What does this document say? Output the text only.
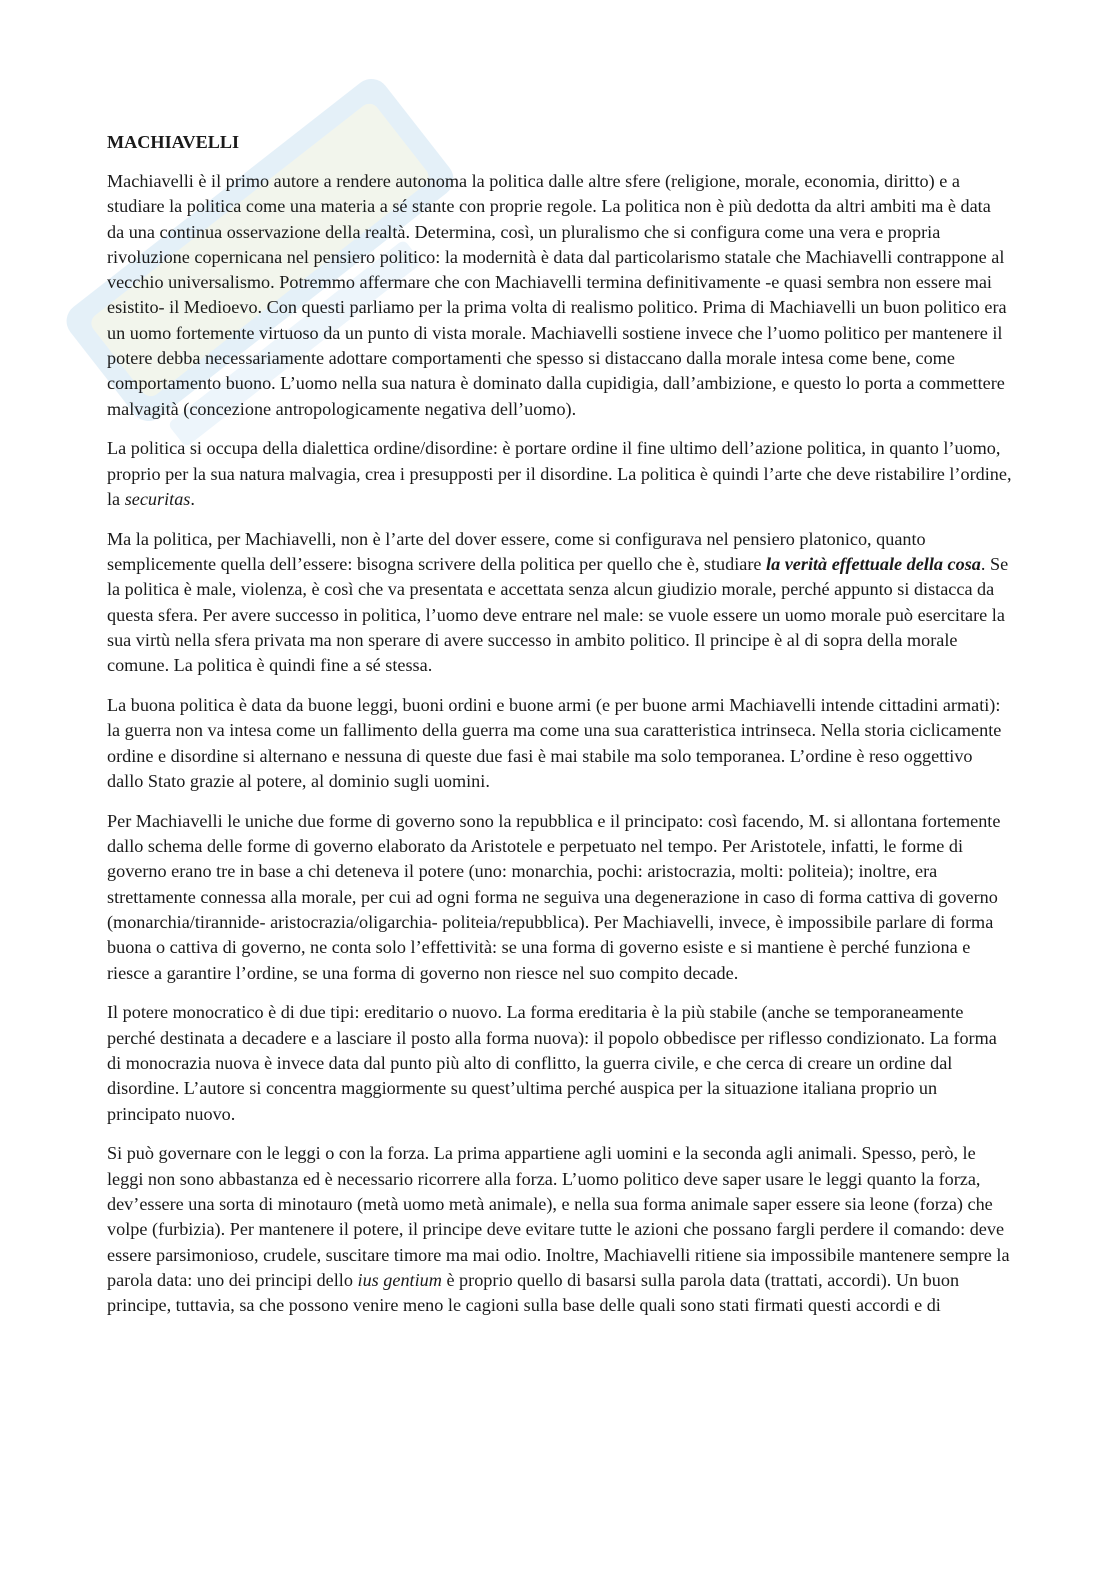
MACHIAVELLI

Machiavelli è il primo autore a rendere autonoma la politica dalle altre sfere (religione, morale, economia, diritto) e a studiare la politica come una materia a sé stante con proprie regole. La politica non è più dedotta da altri ambiti ma è data da una continua osservazione della realtà. Determina, così, un pluralismo che si configura come una vera e propria rivoluzione copernicana nel pensiero politico: la modernità è data dal particolarismo statale che Machiavelli contrappone al vecchio universalismo. Potremmo affermare che con Machiavelli termina definitivamente -e quasi sembra non essere mai esistito- il Medioevo. Con questi parliamo per la prima volta di realismo politico. Prima di Machiavelli un buon politico era un uomo fortemente virtuoso da un punto di vista morale. Machiavelli sostiene invece che l’uomo politico per mantenere il potere debba necessariamente adottare comportamenti che spesso si distaccano dalla morale intesa come bene, come comportamento buono. L’uomo nella sua natura è dominato dalla cupidigia, dall’ambizione, e questo lo porta a commettere malvagità (concezione antropologicamente negativa dell’uomo).

La politica si occupa della dialettica ordine/disordine: è portare ordine il fine ultimo dell’azione politica, in quanto l’uomo, proprio per la sua natura malvagia, crea i presupposti per il disordine. La politica è quindi l’arte che deve ristabilire l’ordine, la securitas.

Ma la politica, per Machiavelli, non è l’arte del dover essere, come si configurava nel pensiero platonico, quanto semplicemente quella dell’essere: bisogna scrivere della politica per quello che è, studiare la verità effettuale della cosa. Se la politica è male, violenza, è così che va presentata e accettata senza alcun giudizio morale, perché appunto si distacca da questa sfera. Per avere successo in politica, l’uomo deve entrare nel male: se vuole essere un uomo morale può esercitare la sua virtù nella sfera privata ma non sperare di avere successo in ambito politico. Il principe è al di sopra della morale comune. La politica è quindi fine a sé stessa.

La buona politica è data da buone leggi, buoni ordini e buone armi (e per buone armi Machiavelli intende cittadini armati): la guerra non va intesa come un fallimento della guerra ma come una sua caratteristica intrinseca. Nella storia ciclicamente ordine e disordine si alternano e nessuna di queste due fasi è mai stabile ma solo temporanea. L’ordine è reso oggettivo dallo Stato grazie al potere, al dominio sugli uomini.

Per Machiavelli le uniche due forme di governo sono la repubblica e il principato: così facendo, M. si allontana fortemente dallo schema delle forme di governo elaborato da Aristotele e perpetuato nel tempo. Per Aristotele, infatti, le forme di governo erano tre in base a chi deteneva il potere (uno: monarchia, pochi: aristocrazia, molti: politeia); inoltre, era strettamente connessa alla morale, per cui ad ogni forma ne seguiva una degenerazione in caso di forma cattiva di governo (monarchia/tirannide- aristocrazia/oligarchia- politeia/repubblica). Per Machiavelli, invece, è impossibile parlare di forma buona o cattiva di governo, ne conta solo l’effettività: se una forma di governo esiste e si mantiene è perché funziona e riesce a garantire l’ordine, se una forma di governo non riesce nel suo compito decade.

Il potere monocratico è di due tipi: ereditario o nuovo. La forma ereditaria è la più stabile (anche se temporaneamente perché destinata a decadere e a lasciare il posto alla forma nuova): il popolo obbedisce per riflesso condizionato. La forma di monocrazia nuova è invece data dal punto più alto di conflitto, la guerra civile, e che cerca di creare un ordine dal disordine. L’autore si concentra maggiormente su quest’ultima perché auspica per la situazione italiana proprio un principato nuovo.

Si può governare con le leggi o con la forza. La prima appartiene agli uomini e la seconda agli animali. Spesso, però, le leggi non sono abbastanza ed è necessario ricorrere alla forza. L’uomo politico deve saper usare le leggi quanto la forza, dev’essere una sorta di minotauro (metà uomo metà animale), e nella sua forma animale saper essere sia leone (forza) che volpe (furbizia). Per mantenere il potere, il principe deve evitare tutte le azioni che possano fargli perdere il comando: deve essere parsimonioso, crudele, suscitare timore ma mai odio. Inoltre, Machiavelli ritiene sia impossibile mantenere sempre la parola data: uno dei principi dello ius gentium è proprio quello di basarsi sulla parola data (trattati, accordi). Un buon principe, tuttavia, sa che possono venire meno le cagioni sulla base delle quali sono stati firmati questi accordi e di
